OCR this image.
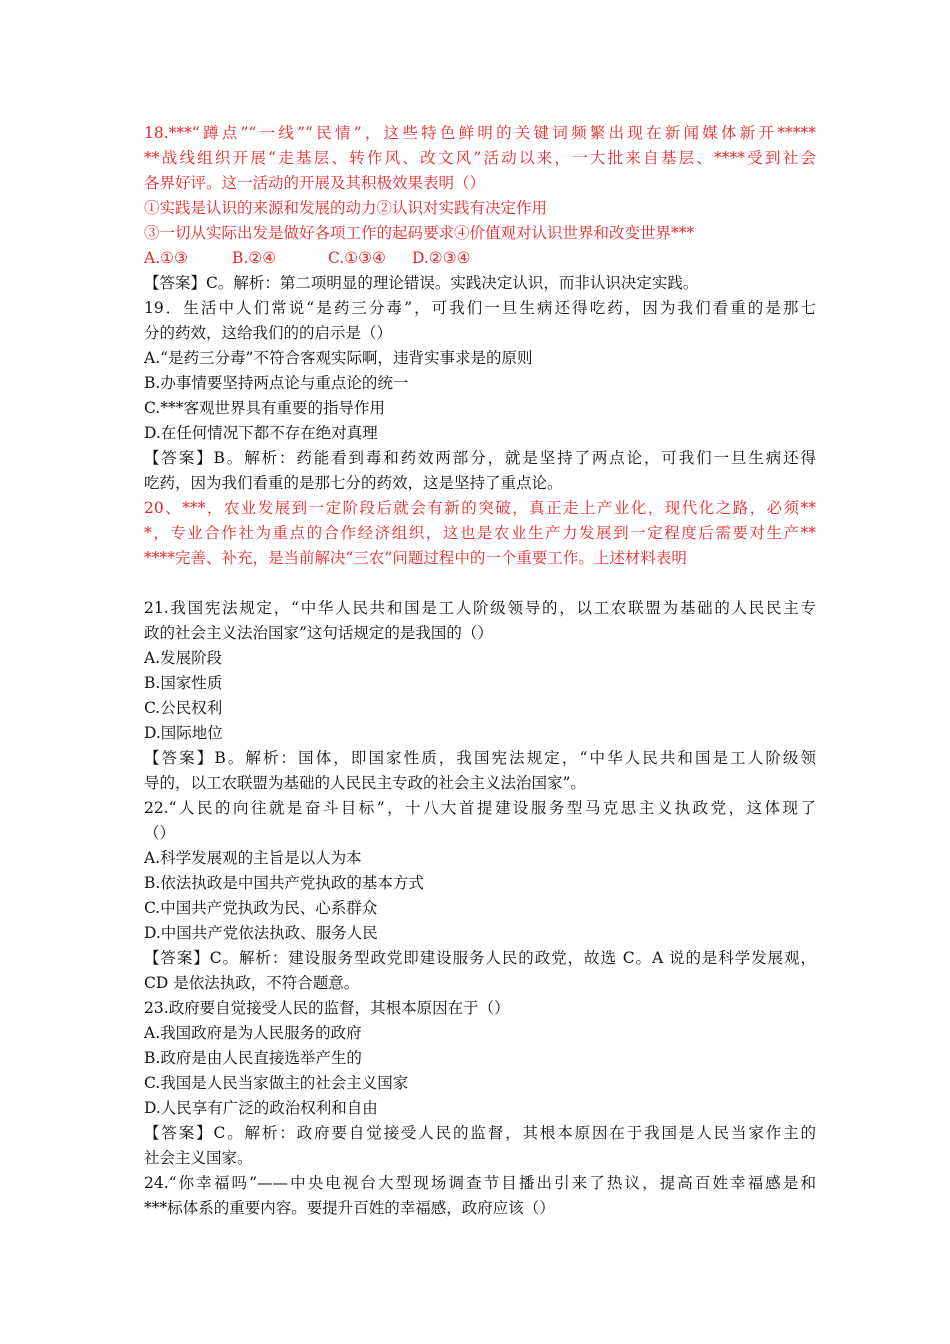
18.***“蹲点”“一线”“民情”，这些特色鲜明的关键词频繁出现在新闻媒体新开*****
**战线组织开展“走基层、转作风、改文风”活动以来，一大批来自基层、****受到社会
各界好评。这一活动的开展及其积极效果表明（）
①实践是认识的来源和发展的动力②认识对实践有决定作用
③一切从实际出发是做好各项工作的起码要求④价值观对认识世界和改变世界***
A.①③	B.②④	C.①③④ D.②③④
【答案】C。解析：第二项明显的理论错误。实践决定认识，而非认识决定实践。
19．生活中人们常说“是药三分毒”，可我们一旦生病还得吃药，因为我们看重的是那七
分的药效，这给我们的的启示是（）
A.“是药三分毒”不符合客观实际啊，违背实事求是的原则
B.办事情要坚持两点论与重点论的统一
C.***客观世界具有重要的指导作用
D.在任何情况下都不存在绝对真理
【答案】B。解析：药能看到毒和药效两部分，就是坚持了两点论，可我们一旦生病还得
吃药，因为我们看重的是那七分的药效，这是坚持了重点论。
20、***，农业发展到一定阶段后就会有新的突破，真正走上产业化，现代化之路，必须**
*，专业合作社为重点的合作经济组织，这也是农业生产力发展到一定程度后需要对生产**
****完善、补充，是当前解决“三农”问题过程中的一个重要工作。上述材料表明
21.我国宪法规定，“中华人民共和国是工人阶级领导的，以工农联盟为基础的人民民主专
政的社会主义法治国家”这句话规定的是我国的（）
A.发展阶段
B.国家性质
C.公民权利
D.国际地位
【答案】B。解析：国体，即国家性质，我国宪法规定，“中华人民共和国是工人阶级领
导的，以工农联盟为基础的人民民主专政的社会主义法治国家”。
22.“人民的向往就是奋斗目标”，十八大首提建设服务型马克思主义执政党，这体现了
（）
A.科学发展观的主旨是以人为本
B.依法执政是中国共产党执政的基本方式
C.中国共产党执政为民、心系群众
D.中国共产党依法执政、服务人民
【答案】C。解析：建设服务型政党即建设服务人民的政党，故选 C。A 说的是科学发展观，
CD 是依法执政，不符合题意。
23.政府要自觉接受人民的监督，其根本原因在于（）
A.我国政府是为人民服务的政府
B.政府是由人民直接选举产生的
C.我国是人民当家做主的社会主义国家
D.人民享有广泛的政治权利和自由
【答案】C。解析：政府要自觉接受人民的监督，其根本原因在于我国是人民当家作主的
社会主义国家。
24.“你幸福吗”——中央电视台大型现场调查节目播出引来了热议，提高百姓幸福感是和
***标体系的重要内容。要提升百姓的幸福感，政府应该（）
